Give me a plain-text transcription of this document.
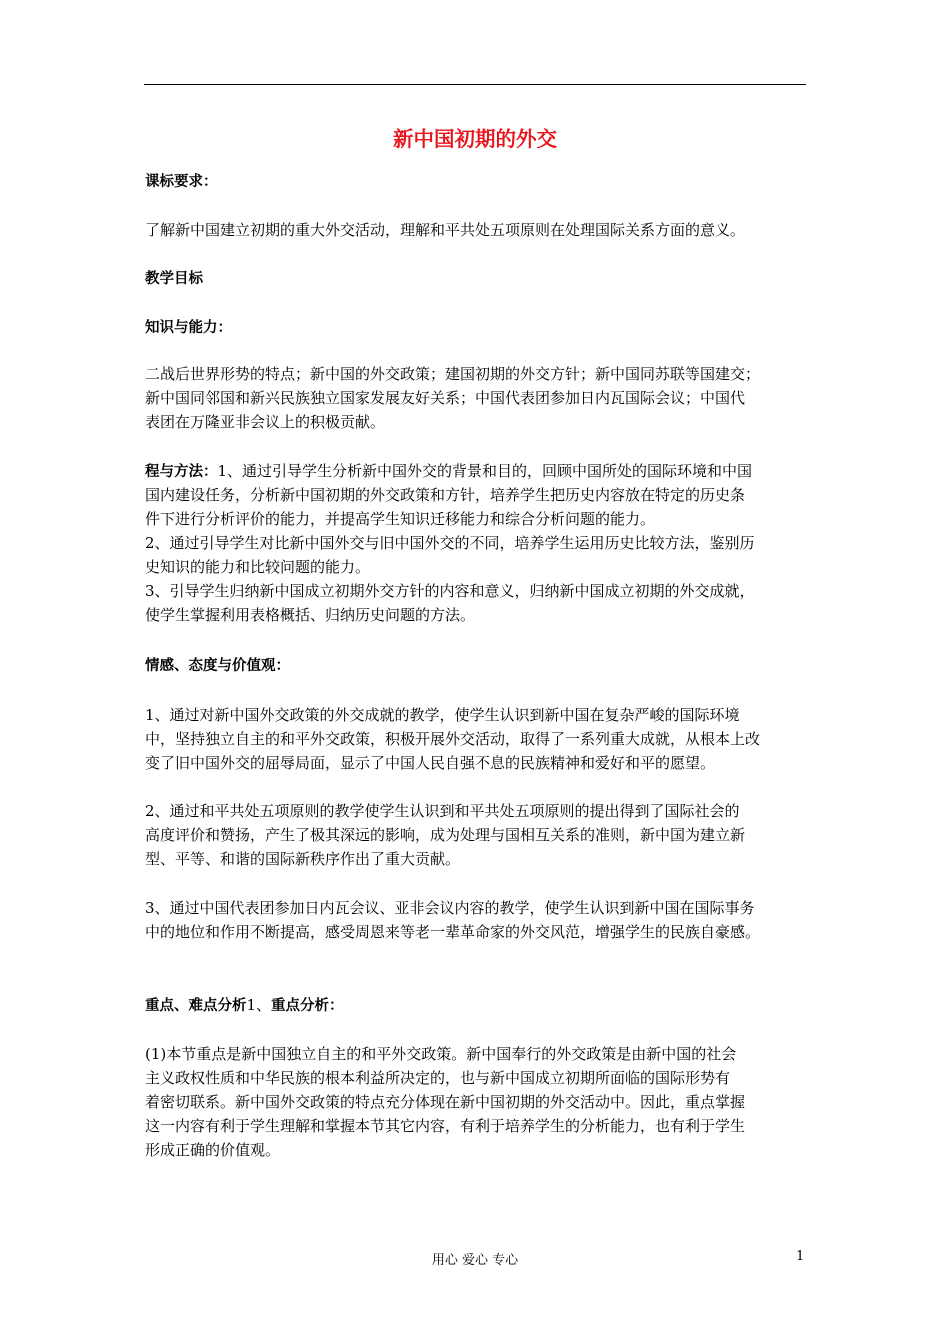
新中国初期的外交
课标要求：
了解新中国建立初期的重大外交活动，理解和平共处五项原则在处理国际关系方面的意义。
教学目标
知识与能力：
二战后世界形势的特点；新中国的外交政策；建国初期的外交方针；新中国同苏联等国建交；
新中国同邻国和新兴民族独立国家发展友好关系；中国代表团参加日内瓦国际会议；中国代
表团在万隆亚非会议上的积极贡献。
程与方法：1、通过引导学生分析新中国外交的背景和目的，回顾中国所处的国际环境和中国
国内建设任务，分析新中国初期的外交政策和方针，培养学生把历史内容放在特定的历史条
件下进行分析评价的能力，并提高学生知识迁移能力和综合分析问题的能力。
2、通过引导学生对比新中国外交与旧中国外交的不同，培养学生运用历史比较方法，鉴别历
史知识的能力和比较问题的能力。
3、引导学生归纳新中国成立初期外交方针的内容和意义，归纳新中国成立初期的外交成就，
使学生掌握利用表格概括、归纳历史问题的方法。
情感、态度与价值观：
1、通过对新中国外交政策的外交成就的教学，使学生认识到新中国在复杂严峻的国际环境
中，坚持独立自主的和平外交政策，积极开展外交活动，取得了一系列重大成就，从根本上改
变了旧中国外交的屈辱局面，显示了中国人民自强不息的民族精神和爱好和平的愿望。
2、通过和平共处五项原则的教学使学生认识到和平共处五项原则的提出得到了国际社会的
高度评价和赞扬，产生了极其深远的影响，成为处理与国相互关系的准则，新中国为建立新
型、平等、和谐的国际新秩序作出了重大贡献。
3、通过中国代表团参加日内瓦会议、亚非会议内容的教学，使学生认识到新中国在国际事务
中的地位和作用不断提高，感受周恩来等老一辈革命家的外交风范，增强学生的民族自豪感。
重点、难点分析1、重点分析：
(1)本节重点是新中国独立自主的和平外交政策。新中国奉行的外交政策是由新中国的社会
主义政权性质和中华民族的根本利益所决定的，也与新中国成立初期所面临的国际形势有
着密切联系。新中国外交政策的特点充分体现在新中国初期的外交活动中。因此，重点掌握
这一内容有利于学生理解和掌握本节其它内容，有利于培养学生的分析能力，也有利于学生
形成正确的价值观。
用心 爱心 专心	1
